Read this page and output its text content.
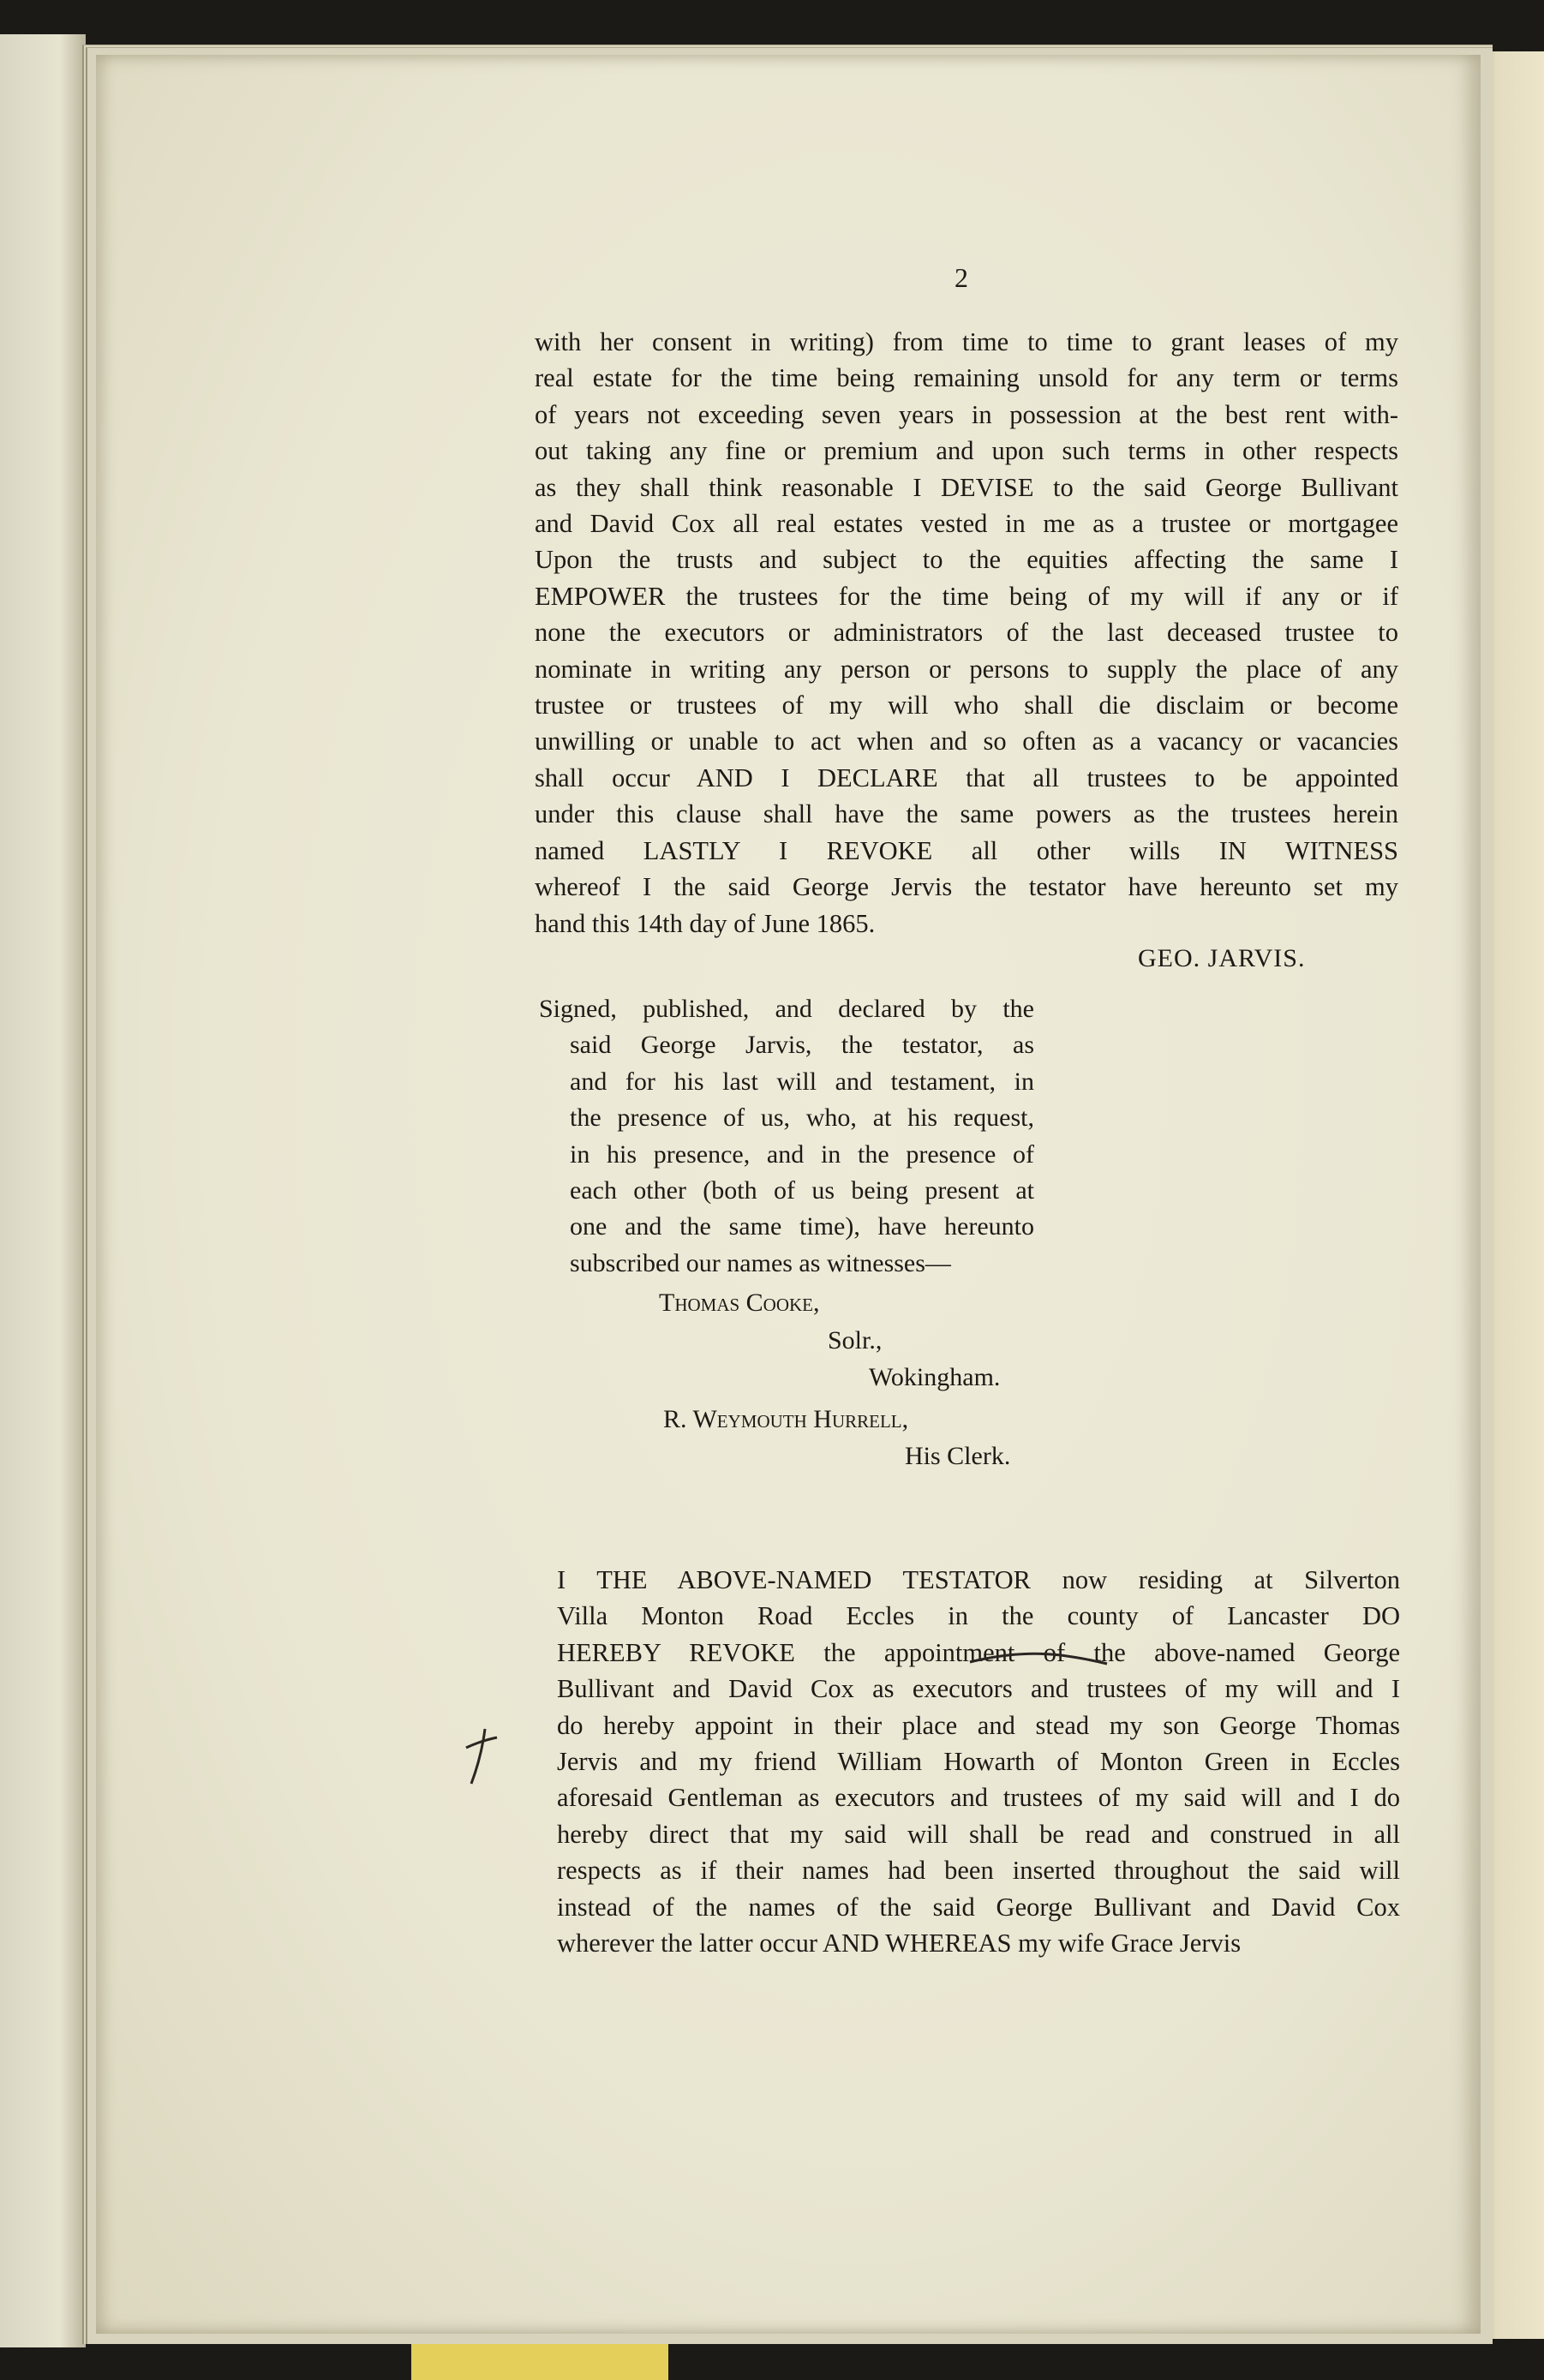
2
with her consent in writing) from time to time to grant leases of my
real estate for the time being remaining unsold for any term or terms
of years not exceeding seven years in possession at the best rent with-
out taking any fine or premium and upon such terms in other respects
as they shall think reasonable I DEVISE to the said George Bullivant
and David Cox all real estates vested in me as a trustee or mortgagee
Upon the trusts and subject to the equities affecting the same I
EMPOWER the trustees for the time being of my will if any or if
none the executors or administrators of the last deceased trustee to
nominate in writing any person or persons to supply the place of any
trustee or trustees of my will who shall die disclaim or become
unwilling or unable to act when and so often as a vacancy or vacancies
shall occur AND I DECLARE that all trustees to be appointed
under this clause shall have the same powers as the trustees herein
named LASTLY I REVOKE all other wills IN WITNESS
whereof I the said George Jervis the testator have hereunto set my
hand this 14th day of June 1865.
GEO. JARVIS.
Signed, published, and declared by the
said George Jarvis, the testator, as
and for his last will and testament, in
the presence of us, who, at his request,
in his presence, and in the presence of
each other (both of us being present at
one and the same time), have hereunto
subscribed our names as witnesses—
Thomas Cooke,
Solr.,
Wokingham.
R. Weymouth Hurrell,
His Clerk.
I THE ABOVE-NAMED TESTATOR now residing at Silverton
Villa Monton Road Eccles in the county of Lancaster DO
HEREBY REVOKE the appointment of the above-named George
Bullivant and David Cox as executors and trustees of my will and I
do hereby appoint in their place and stead my son George Thomas
Jervis and my friend William Howarth of Monton Green in Eccles
aforesaid Gentleman as executors and trustees of my said will and I do
hereby direct that my said will shall be read and construed in all
respects as if their names had been inserted throughout the said will
instead of the names of the said George Bullivant and David Cox
wherever the latter occur AND WHEREAS my wife Grace Jervis
